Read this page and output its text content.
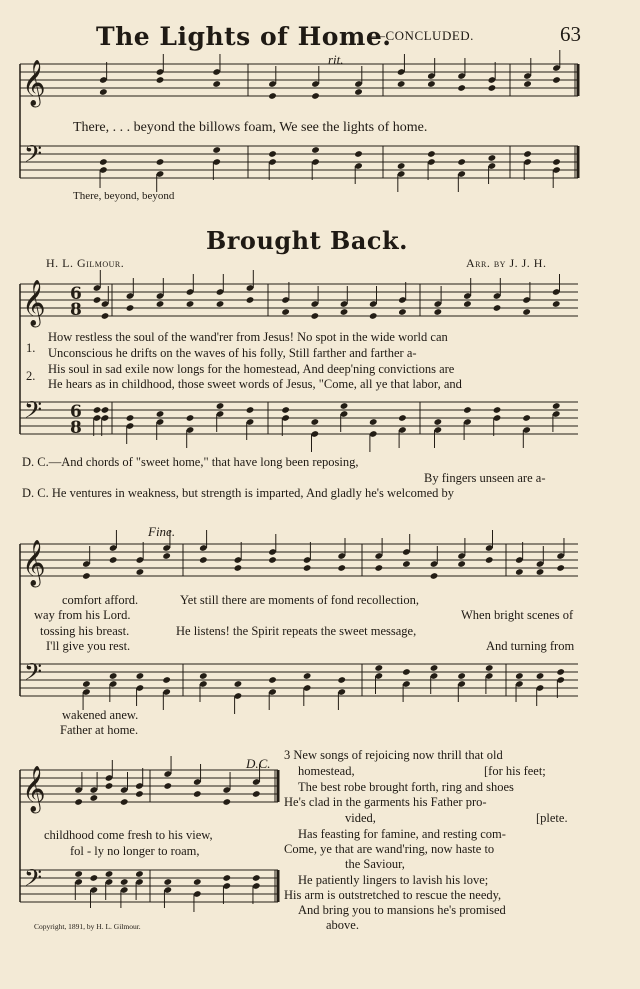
𝄞
𝄢
𝄞
𝄢
6
8
6
8
𝄞
𝄢
𝄞
𝄢
The Lights of Home.
—CONCLUDED.	63
rit.
There, . . . beyond the billows foam, We see the lights of home.
There, beyond, beyond
Brought Back.
H. L. Gilmour.	Arr. by J. J. H.
1.
2.
How restless the soul of the wand'rer from Jesus! No spot in the wide world can
Unconscious he drifts on the waves of his folly, Still farther and farther a-
His soul in sad exile now longs for the homestead, And deep'ning convictions are
He hears as in childhood, those sweet words of Jesus, "Come, all ye that labor, and
D. C.—And chords of "sweet home," that have long been reposing,
By fingers unseen are a-
D. C. He ventures in weakness, but strength is imparted, And gladly he's welcomed by
Fine.
comfort afford.
way from his Lord.
tossing his breast.
I'll give you rest.
Yet still there are moments of fond recollection,
He listens! the Spirit repeats the sweet message,
When bright scenes of
And turning from
wakened anew.
Father at home.
D.C.
childhood come fresh to his view,
fol - ly no longer to roam,
3 New songs of rejoicing now thrill that old
homestead,	[for his feet;
The best robe brought forth, ring and shoes
He's clad in the garments his Father pro-
vided,	[plete.
Has feasting for famine, and resting com-
Come, ye that are wand'ring, now haste to
the Saviour,
He patiently lingers to lavish his love;
His arm is outstretched to rescue the needy,
And bring you to mansions he's promised
above.
Copyright, 1891, by H. L. Gilmour.
